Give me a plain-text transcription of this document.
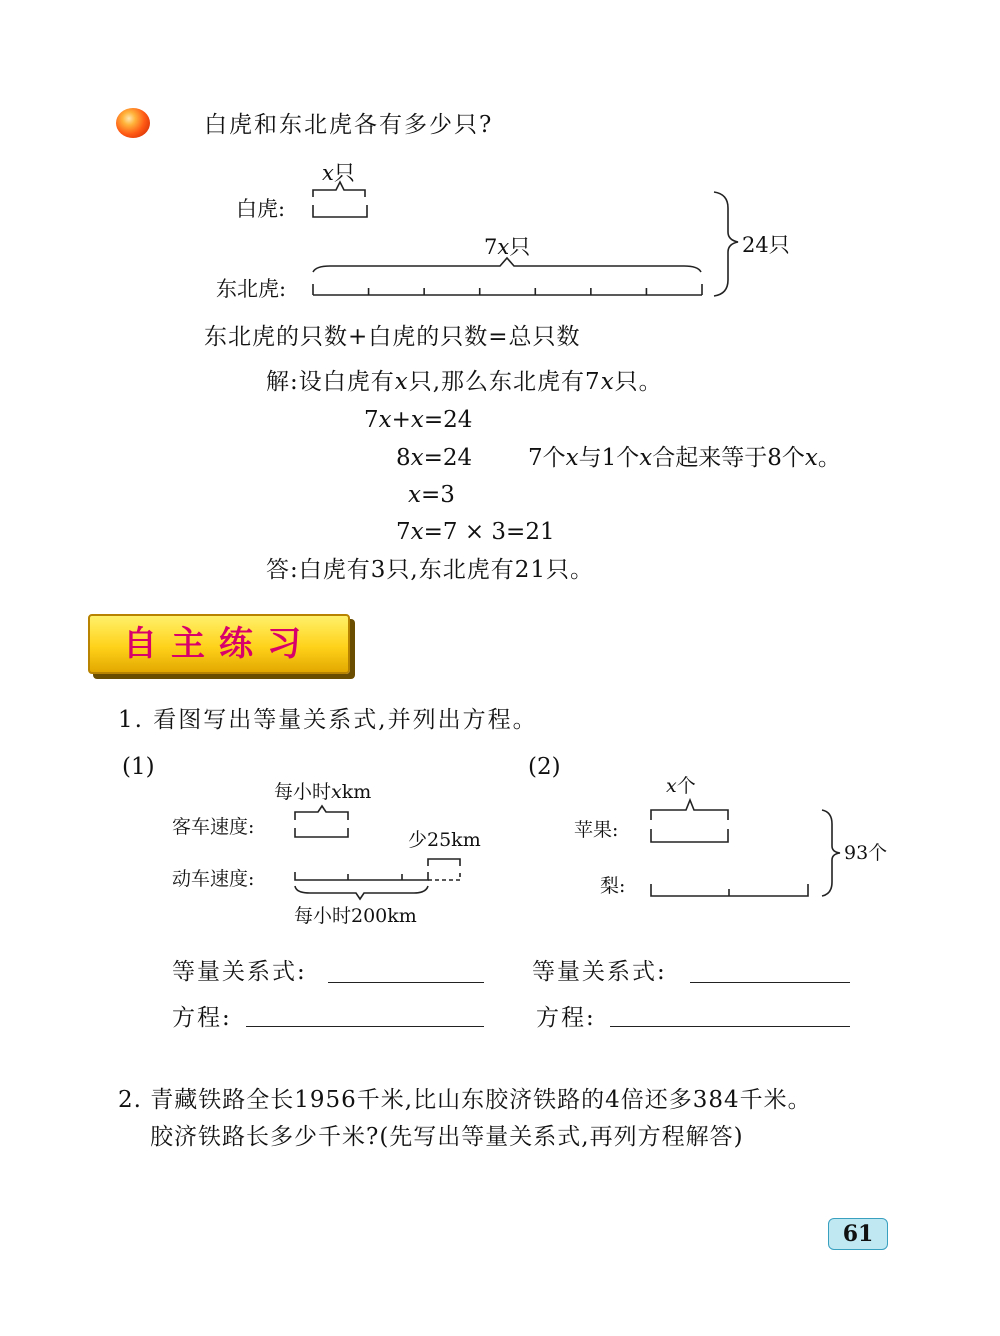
白虎和东北虎各有多少只?
白虎:
x只
7x只
东北虎:
24只
东北虎的只数+白虎的只数=总只数
解:设白虎有x只,那么东北虎有7x只。
7x+x=24
8x=24 7个x与1个x合起来等于8个x。
x=3
7x=7 × 3=21
答:白虎有3只,东北虎有21只。
自主练习
1. 看图写出等量关系式,并列出方程。
(1)	(2)
每小时xkm
客车速度:
少25km
动车速度:
每小时200km
x个
苹果:
梨:
93个
等量关系式:	等量关系式:
方程:	方程:
2. 青藏铁路全长1956千米,比山东胶济铁路的4倍还多384千米。
胶济铁路长多少千米?(先写出等量关系式,再列方程解答)
61
